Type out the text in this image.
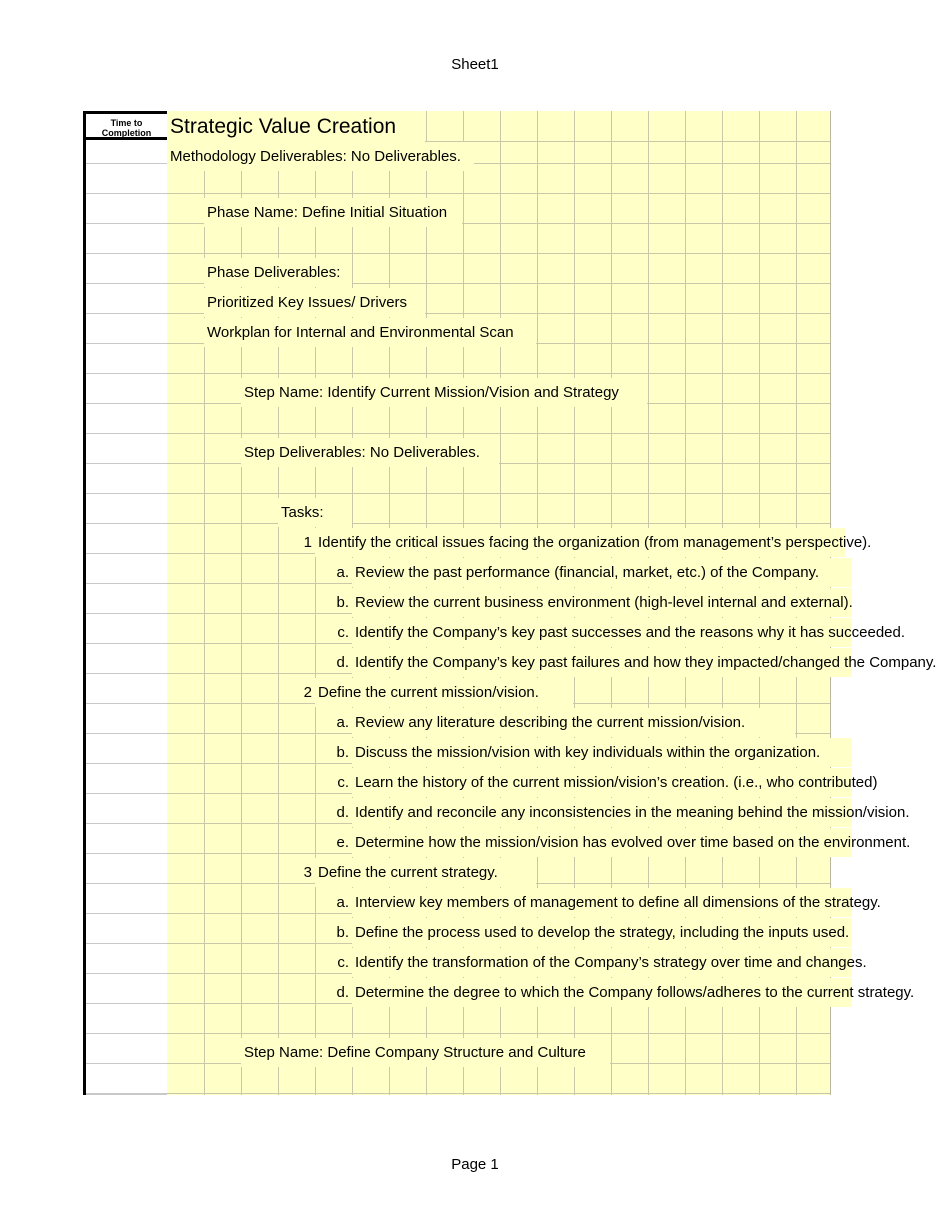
Sheet1
Time to Completion Strategic Value Creation
Methodology Deliverables: No Deliverables.
Phase Name: Define Initial Situation
Phase Deliverables:
Prioritized Key Issues/ Drivers
Workplan for Internal and Environmental Scan
Step Name: Identify Current Mission/Vision and Strategy
Step Deliverables: No Deliverables.
Tasks:
1 Identify the critical issues facing the organization (from management’s perspective).
a. Review the past performance (financial, market, etc.) of the Company.
b. Review the current business environment (high-level internal and external).
c. Identify the Company’s key past successes and the reasons why it has succeeded.
d. Identify the Company’s key past failures and how they impacted/changed the Company.
2 Define the current mission/vision.
a. Review any literature describing the current mission/vision.
b. Discuss the mission/vision with key individuals within the organization.
c. Learn the history of the current mission/vision’s creation. (i.e., who contributed)
d. Identify and reconcile any inconsistencies in the meaning behind the mission/vision.
e. Determine how the mission/vision has evolved over time based on the environment.
3 Define the current strategy.
a. Interview key members of management to define all dimensions of the strategy.
b. Define the process used to develop the strategy, including the inputs used.
c. Identify the transformation of the Company’s strategy over time and changes.
d. Determine the degree to which the Company follows/adheres to the current strategy.
Step Name: Define Company Structure and Culture
Page 1
